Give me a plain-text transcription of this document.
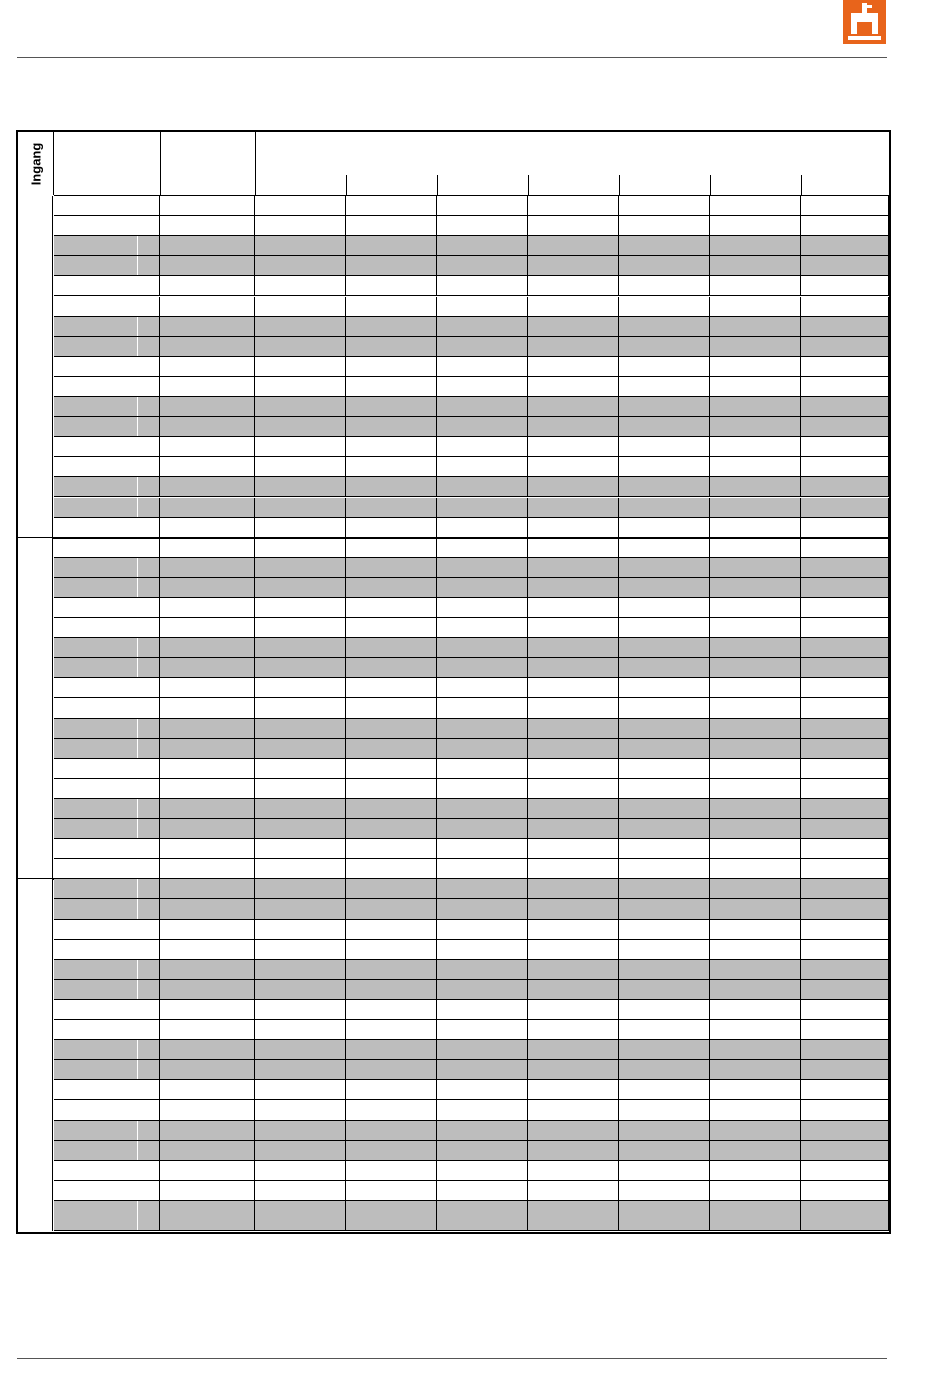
Ingang
